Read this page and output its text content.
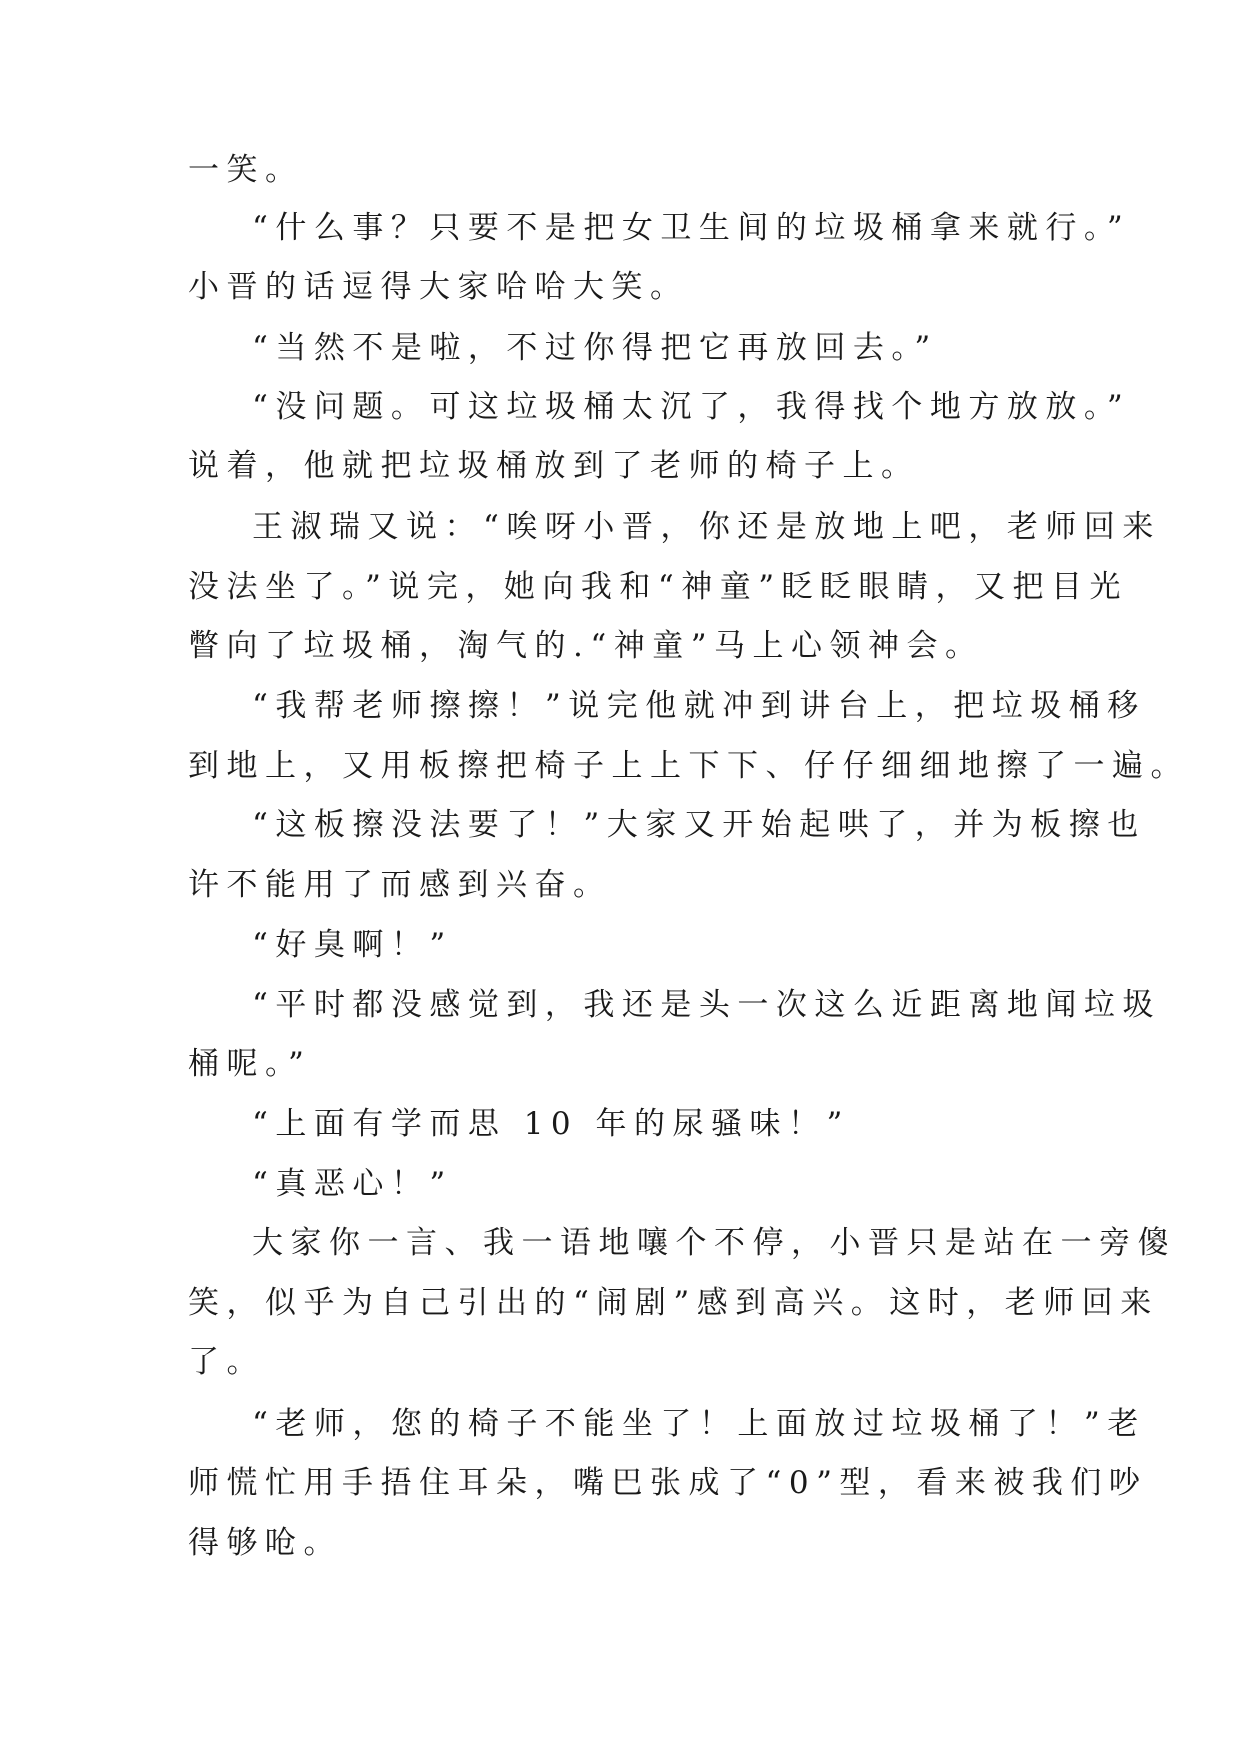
一笑。
“什么事？只要不是把女卫生间的垃圾桶拿来就行。”
小晋的话逗得大家哈哈大笑。
“当然不是啦，不过你得把它再放回去。”
“没问题。可这垃圾桶太沉了，我得找个地方放放。”
说着，他就把垃圾桶放到了老师的椅子上。
王淑瑞又说：“唉呀小晋，你还是放地上吧，老师回来
没法坐了。”说完，她向我和“神童”眨眨眼睛，又把目光
瞥向了垃圾桶，淘气的.“神童”马上心领神会。
“我帮老师擦擦！”说完他就冲到讲台上，把垃圾桶移
到地上，又用板擦把椅子上上下下、仔仔细细地擦了一遍。
“这板擦没法要了！”大家又开始起哄了，并为板擦也
许不能用了而感到兴奋。
“好臭啊！”
“平时都没感觉到，我还是头一次这么近距离地闻垃圾
桶呢。”
“上面有学而思 10 年的尿骚味！”
“真恶心！”
大家你一言、我一语地嚷个不停，小晋只是站在一旁傻
笑，似乎为自己引出的“闹剧”感到高兴。这时，老师回来
了。
“老师，您的椅子不能坐了！上面放过垃圾桶了！”老
师慌忙用手捂住耳朵，嘴巴张成了“0”型，看来被我们吵
得够呛。
